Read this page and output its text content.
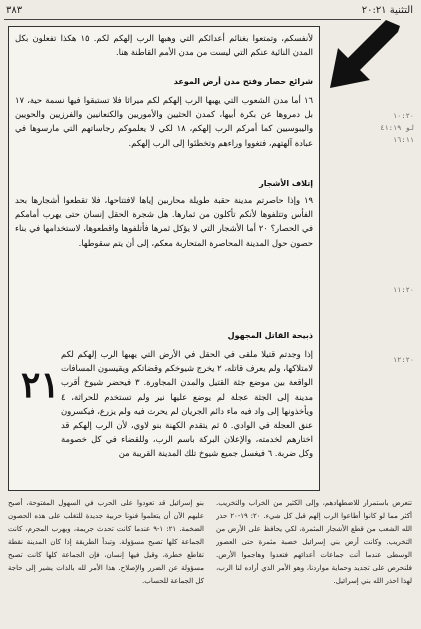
التثنية ٢٠:٢١
٣٨٣
لأنفسكم، وتمتعوا بغنائم أعدائكم التي وهبها الرب إلهكم لكم. ١٥ هكذا تفعلون بكل المدن النائية عنكم التي ليست من مدن الأمم القاطنة هنا.
شرائع حصار وفتح مدن أرض الموعد
١٦ أما مدن الشعوب التي يهبها الرب إلهكم لكم ميراثا فلا تستبقوا فيها نسمة حية، ١٧ بل دمروها عن بكرة أبيها، كمدن الحثيين والأموريين والكنعانيين والفرزيين والحويين واليبوسيين كما أمركم الرب إلهكم، ١٨ لكي لا يعلموكم رجاساتهم التي مارسوها في عبادة آلهتهم، فتغووا وراءهم وتخطئوا إلى الرب إلهكم.
إتلاف الأشجار
١٩ وإذا حاصرتم مدينة حقبة طويلة محاربين إياها لافتتاحها، فلا تقطعوا أشجارها بحد الفأس وتتلفوها لأنكم تأكلون من ثمارها. هل شجرة الحقل إنسان حتى يهرب أمامكم في الحصار؟ ٢٠ أما الأشجار التي لا يؤكل ثمرها فأتلفوها واقطعوها، لاستخدامها في بناء حصون حول المدينة المحاصرة المتحاربة معكم، إلى أن يتم سقوطها.
ذبيحة القاتل المجهول
٢١
إذا وجدتم قتيلا ملقى في الحقل في الأرض التي يهبها الرب إلهكم لكم لامتلاكها، ولم يعرف قاتله، ٢ يخرج شيوخكم وقضاتكم ويقيسون المسافات الواقعة بين موضع جثة القتيل والمدن المجاورة. ٣ فيحضر شيوخ أقرب مدينة إلى الجثة عجلة لم يوضع عليها نير ولم تستخدم للحراثة، ٤ ويأخذونها إلى واد فيه ماء دائم الجريان لم يحرث فيه ولم يزرع، فيكسرون عنق العجلة في الوادي. ٥ ثم يتقدم الكهنة بنو لاوي، لأن الرب إلهكم قد اختارهم لخدمته، والإعلان البركة باسم الرب، وللقضاء في كل خصومة وكل ضربة. ٦ فيغسل جميع شيوخ تلك المدينة القريبة من
١٠:٢٠
لو ٤١:١٩
١٦:١١
١١:٢٠
١٢:٢٠
بنو إسرائيل قد تعودوا على الحرب في السهول المفتوحة، أصبح عليهم الآن أن يتعلموا فنونا حربية جديدة للتغلب على هذه الحصون الضخمة. ٢١: ١-٩ عندما كانت تحدث جريمة، ويهرب المجرم، كانت الجماعة كلها تصبح مسؤولة. وتبدأ الطريقة إذا كان المدينة نقطة تقاطع خطرة، وقيل فيها إنسان، فإن الجماعة كلها كانت تصبح مسؤولة عن الضرر والإصلاح. هذا الأمر لله بالذات يشير إلى حاجة كل الجماعة للحساب.
تتعرض باستمرار للاضطهادهم، وإلى الكثير من الخراب والتخريب. أكثر مما لو كانوا أطاعوا الرب إلهم قبل كل شيء. ٢٠: ١٩-٢٠ حذر الله الشعب من قطع الأشجار المثمرة، لكي يحافظ على الأرض من التخريب. وكانت أرض بني إسرائيل خصبة مثمرة حتى العصور الوسطى عندما أتت جماعات أعدائهم فتعدوا وهاجموا الأرض. فلنحرص على تجديد وحماية مواردنا، وهو الأمر الذي أراده لنا الرب، لهذا احذر الله بني إسرائيل.
